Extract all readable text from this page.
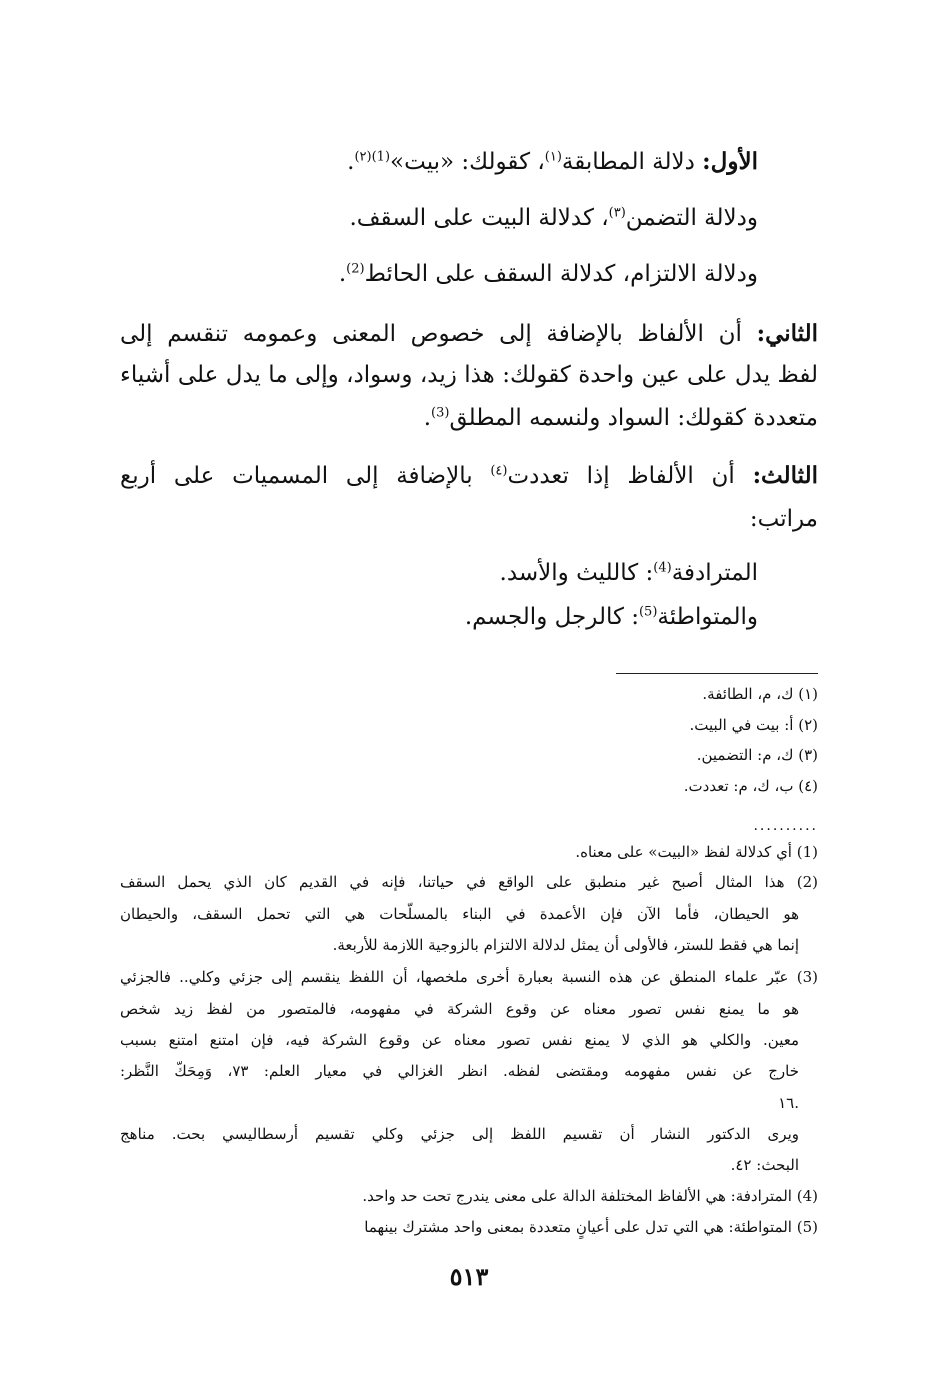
الأول: دلالة المطابقة$^{(١)}$، كقولك: «بيت»$^{(1)(٢)}$.
ودلالة التضمن$^{(٣)}$، كدلالة البيت على السقف.
ودلالة الالتزام، كدلالة السقف على الحائط$^{(2)}$.
الثاني: أن الألفاظ بالإضافة إلى خصوص المعنى وعمومه تنقسم إلى
لفظ يدل على عين واحدة كقولك: هذا زيد، وسواد، وإلى ما يدل على أشياء
متعددة كقولك: السواد ولنسمه المطلق$^{(3)}$.
الثالث: أن الألفاظ إذا تعددت$^{(٤)}$ بالإضافة إلى المسميات على أربع
مراتب:
المترادفة$^{(4)}$: كالليث والأسد.
والمتواطئة$^{(5)}$: كالرجل والجسم.
(١) ك، م، الطائفة.
(٢) أ: بيت في البيت.
(٣) ك، م: التضمين.
(٤) ب، ك، م: تعددت.
..........
(1) أي كدلالة لفظ «البيت» على معناه.
(2) هذا المثال أصبح غير منطبق على الواقع في حياتنا، فإنه في القديم كان الذي يحمل السقف
هو الحيطان، فأما الآن فإن الأعمدة في البناء بالمسلّحات هي التي تحمل السقف، والحيطان
إنما هي فقط للستر، فالأولى أن يمثل لدلالة الالتزام بالزوجية اللازمة للأربعة.
(3) عبّر علماء المنطق عن هذه النسبة بعبارة أخرى ملخصها، أن اللفظ ينقسم إلى جزئي وكلي.. فالجزئي
هو ما يمنع نفس تصور معناه عن وقوع الشركة في مفهومه، فالمتصور من لفظ زيد شخص
معين. والكلي هو الذي لا يمنع نفس تصور معناه عن وقوع الشركة فيه، فإن امتنع امتنع بسبب
خارج عن نفس مفهومه ومقتضى لفظه. انظر الغزالي في معيار العلم: ٧٣، وَمِحَكّ النَّظر:
١٦.
ويرى الدكتور النشار أن تقسيم اللفظ إلى جزئي وكلي تقسيم أرسطاليسي بحت. مناهج
البحث: ٤٢.
(4) المترادفة: هي الألفاظ المختلفة الدالة على معنى يندرج تحت حد واحد.
(5) المتواطئة: هي التي تدل على أعيانٍ متعددة بمعنى واحد مشترك بينهما
٥١٣
